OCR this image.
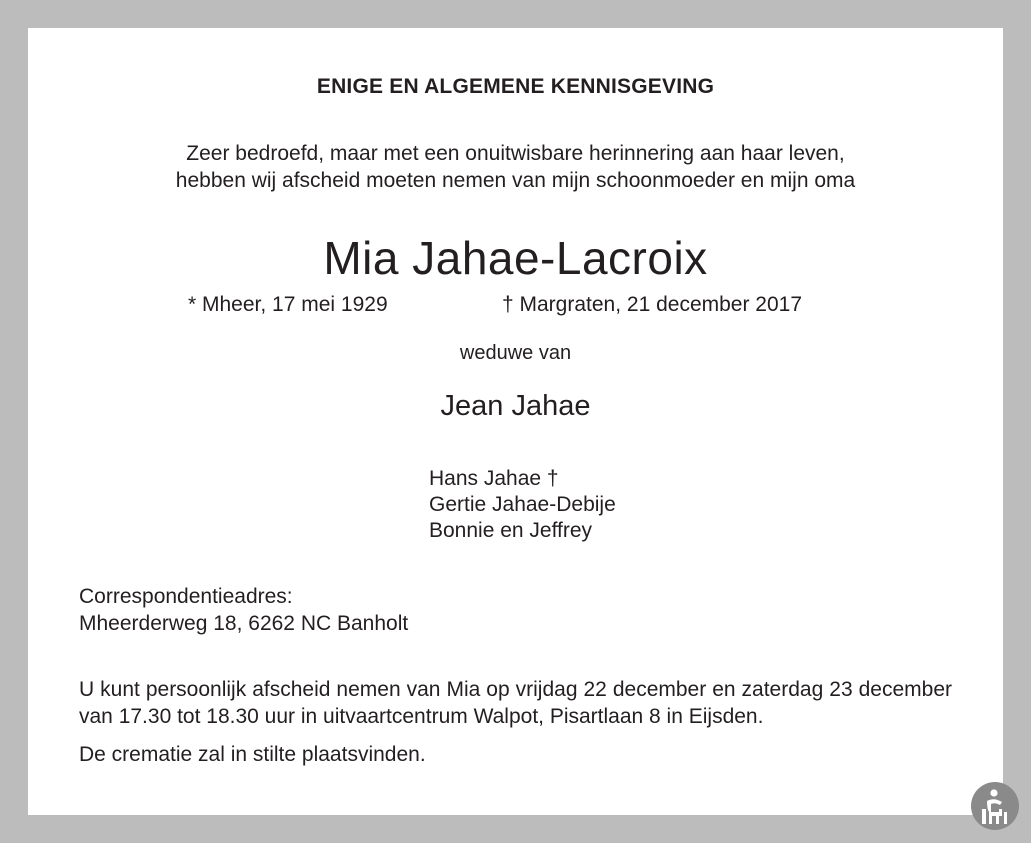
ENIGE EN ALGEMENE KENNISGEVING

Zeer bedroefd, maar met een onuitwisbare herinnering aan haar leven,

hebben wij afscheid moeten nemen van mijn schoonmoeder en mijn oma

Mia Jahae-Lacroix

* Mheer, 17 mei 1929	† Margraten, 21 december 2017

weduwe van

Jean Jahae

Hans Jahae †

Gertie Jahae-Debije

Bonnie en Jeffrey

Correspondentieadres:

Mheerderweg 18, 6262 NC Banholt

U kunt persoonlijk afscheid nemen van Mia op vrijdag 22 december en zaterdag 23 december van 17.30 tot 18.30 uur in uitvaartcentrum Walpot, Pisartlaan 8 in Eijsden.

De crematie zal in stilte plaatsvinden.
